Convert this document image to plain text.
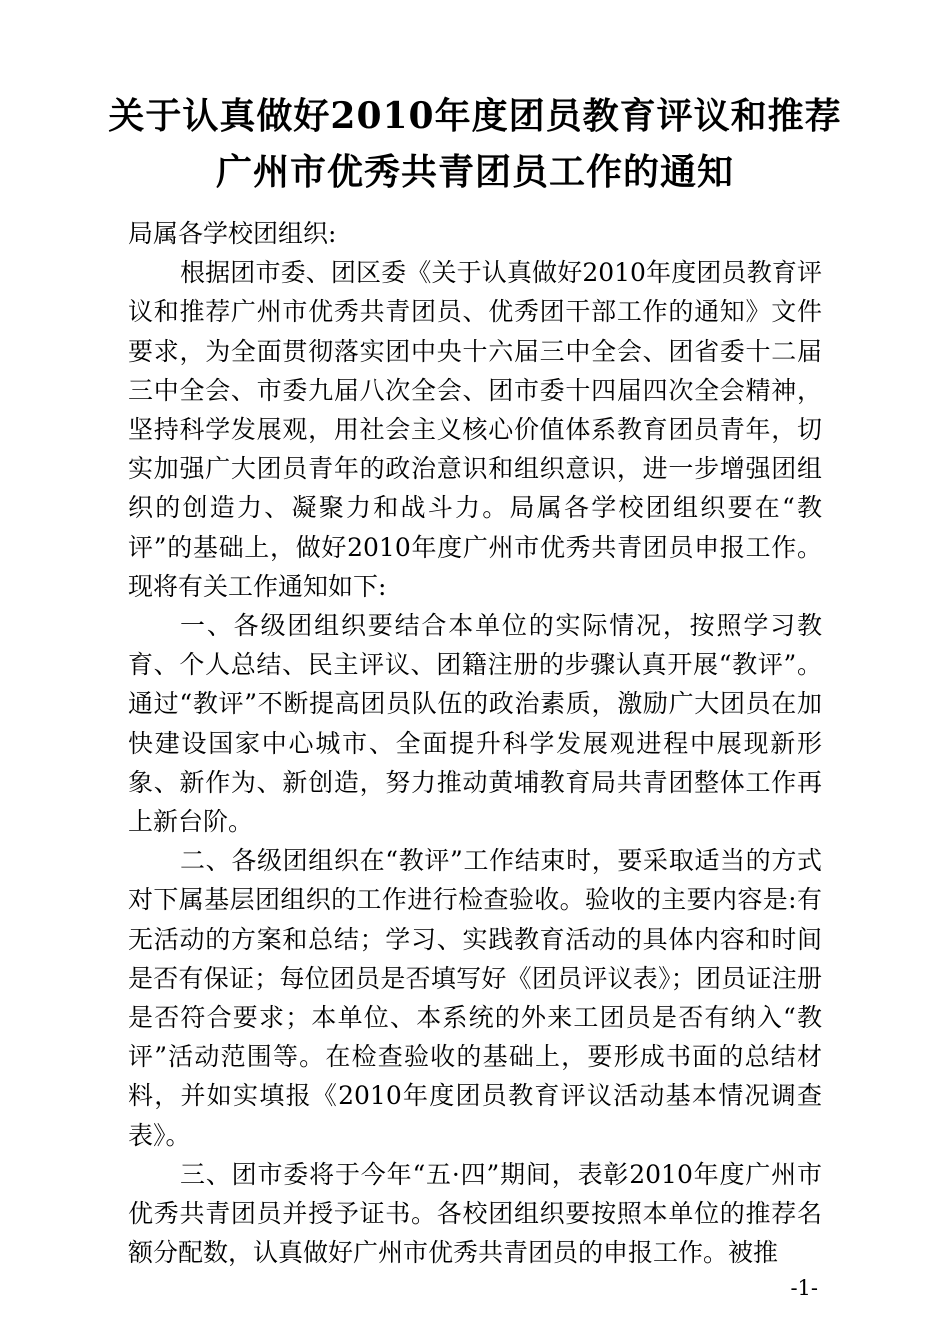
关于认真做好2010年度团员教育评议和推荐
广州市优秀共青团员工作的通知

局属各学校团组织:

根据团市委、团区委《关于认真做好2010年度团员教育评议和推荐广州市优秀共青团员、优秀团干部工作的通知》文件要求，为全面贯彻落实团中央十六届三中全会、团省委十二届三中全会、市委九届八次全会、团市委十四届四次全会精神，坚持科学发展观，用社会主义核心价值体系教育团员青年，切实加强广大团员青年的政治意识和组织意识，进一步增强团组织的创造力、凝聚力和战斗力。局属各学校团组织要在“教评”的基础上，做好2010年度广州市优秀共青团员申报工作。现将有关工作通知如下:

一、各级团组织要结合本单位的实际情况，按照学习教育、个人总结、民主评议、团籍注册的步骤认真开展“教评”。通过“教评”不断提高团员队伍的政治素质，激励广大团员在加快建设国家中心城市、全面提升科学发展观进程中展现新形象、新作为、新创造，努力推动黄埔教育局共青团整体工作再上新台阶。

二、各级团组织在“教评”工作结束时，要采取适当的方式对下属基层团组织的工作进行检查验收。验收的主要内容是:有无活动的方案和总结；学习、实践教育活动的具体内容和时间是否有保证；每位团员是否填写好《团员评议表》；团员证注册是否符合要求；本单位、本系统的外来工团员是否有纳入“教评”活动范围等。在检查验收的基础上，要形成书面的总结材料，并如实填报《2010年度团员教育评议活动基本情况调查表》。

三、团市委将于今年“五·四”期间，表彰2010年度广州市优秀共青团员并授予证书。各校团组织要按照本单位的推荐名额分配数，认真做好广州市优秀共青团员的申报工作。被推

-1-
